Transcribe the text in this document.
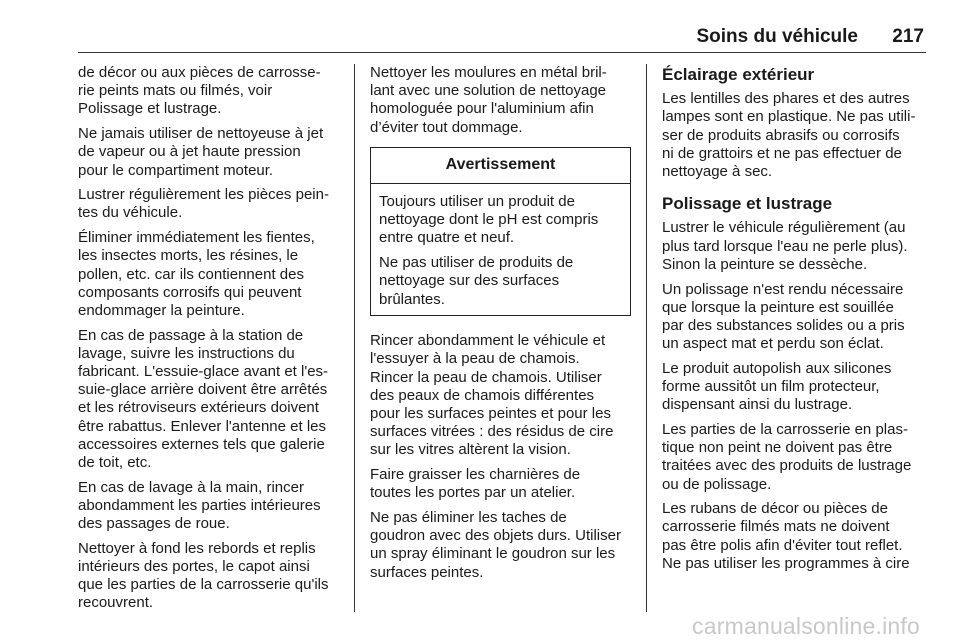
Soins du véhicule 217

de décor ou aux pièces de carrosse-
rie peints mats ou filmés, voir
Polissage et lustrage.

Ne jamais utiliser de nettoyeuse à jet
de vapeur ou à jet haute pression
pour le compartiment moteur.

Lustrer régulièrement les pièces pein-
tes du véhicule.

Éliminer immédiatement les fientes,
les insectes morts, les résines, le
pollen, etc. car ils contiennent des
composants corrosifs qui peuvent
endommager la peinture.

En cas de passage à la station de
lavage, suivre les instructions du
fabricant. L'essuie-glace avant et l'es-
suie-glace arrière doivent être arrêtés
et les rétroviseurs extérieurs doivent
être rabattus. Enlever l'antenne et les
accessoires externes tels que galerie
de toit, etc.

En cas de lavage à la main, rincer
abondamment les parties intérieures
des passages de roue.

Nettoyer à fond les rebords et replis
intérieurs des portes, le capot ainsi
que les parties de la carrosserie qu'ils
recouvrent.

Nettoyer les moulures en métal bril-
lant avec une solution de nettoyage
homologuée pour l'aluminium afin
d’éviter tout dommage.

Avertissement

Toujours utiliser un produit de
nettoyage dont le pH est compris
entre quatre et neuf.

Ne pas utiliser de produits de
nettoyage sur des surfaces
brûlantes.

Rincer abondamment le véhicule et
l'essuyer à la peau de chamois.
Rincer la peau de chamois. Utiliser
des peaux de chamois différentes
pour les surfaces peintes et pour les
surfaces vitrées : des résidus de cire
sur les vitres altèrent la vision.

Faire graisser les charnières de
toutes les portes par un atelier.

Ne pas éliminer les taches de
goudron avec des objets durs. Utiliser
un spray éliminant le goudron sur les
surfaces peintes.

Éclairage extérieur

Les lentilles des phares et des autres
lampes sont en plastique. Ne pas utili-
ser de produits abrasifs ou corrosifs
ni de grattoirs et ne pas effectuer de
nettoyage à sec.

Polissage et lustrage

Lustrer le véhicule régulièrement (au
plus tard lorsque l'eau ne perle plus).
Sinon la peinture se dessèche.

Un polissage n'est rendu nécessaire
que lorsque la peinture est souillée
par des substances solides ou a pris
un aspect mat et perdu son éclat.

Le produit autopolish aux silicones
forme aussitôt un film protecteur,
dispensant ainsi du lustrage.

Les parties de la carrosserie en plas-
tique non peint ne doivent pas être
traitées avec des produits de lustrage
ou de polissage.

Les rubans de décor ou pièces de
carrosserie filmés mats ne doivent
pas être polis afin d'éviter tout reflet.
Ne pas utiliser les programmes à cire

carmanualsonline.info
